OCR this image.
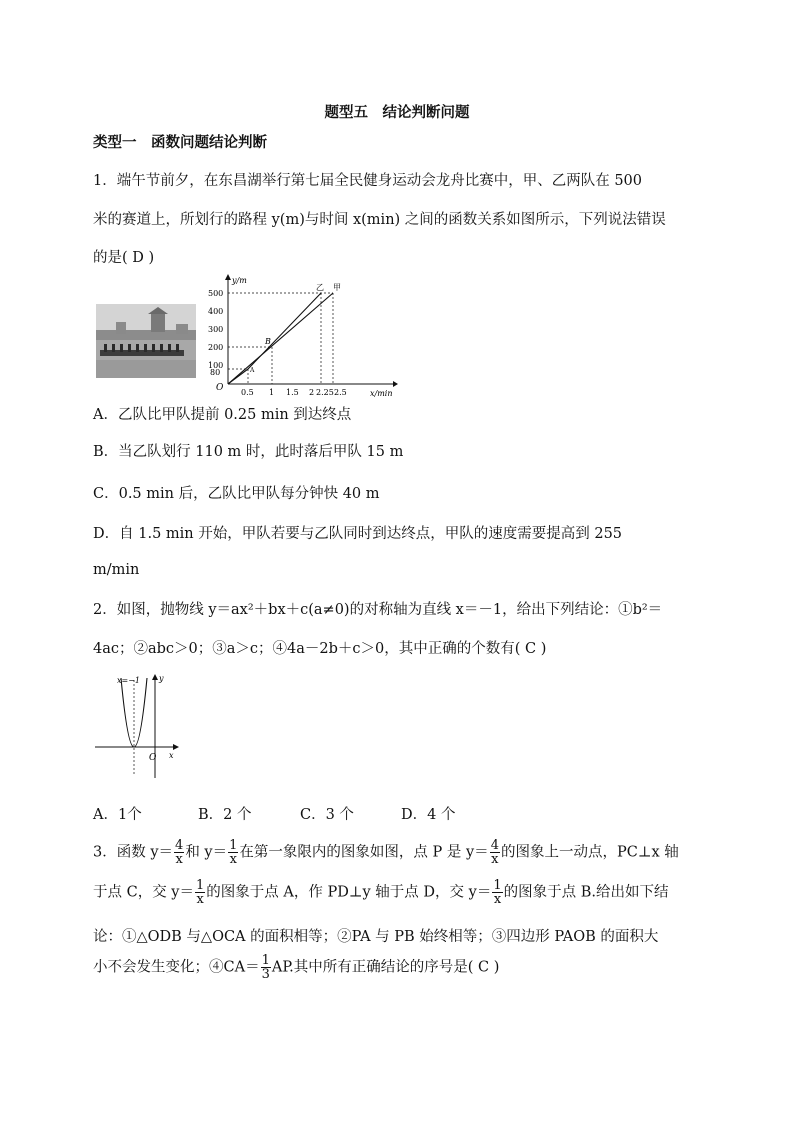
题型五　结论判断问题
类型一　函数问题结论判断
1．端午节前夕，在东昌湖举行第七届全民健身运动会龙舟比赛中，甲、乙两队在 500
米的赛道上，所划行的路程 y(m)与时间 x(min) 之间的函数关系如图所示，下列说法错误
的是( D )
y/m
x/min
O
500
400
300
200
100
80
0.5 1 1.5 2 2.25 2.5
乙 甲
A
B
A．乙队比甲队提前 0.25 min 到达终点
B．当乙队划行 110 m 时，此时落后甲队 15 m
C．0.5 min 后，乙队比甲队每分钟快 40 m
D．自 1.5 min 开始，甲队若要与乙队同时到达终点，甲队的速度需要提高到 255
m/min
2．如图，抛物线 y＝ax²＋bx＋c(a≠0)的对称轴为直线 x＝－1，给出下列结论：①b²＝
4ac；②abc＞0；③a＞c；④4a－2b＋c＞0，其中正确的个数有( C )
x=−1 y
x
O
A．1个	B．2 个	C．3 个	D．4 个
3．函数 $y= \frac{4}{x}$ 和 $y= \frac{1}{x}$ 在第一象限内的图象如图，点 P 是 $y= \frac{4}{x}$ 的图象上一动点，PC⊥x 轴
于点 C，交 $y= \frac{1}{x}$ 的图象于点 A，作 PD⊥y 轴于点 D，交 $y= \frac{1}{x}$ 的图象于点 B.给出如下结
论：①△ODB 与△OCA 的面积相等；②PA 与 PB 始终相等；③四边形 PAOB 的面积大
小不会发生变化；④CA＝ $\frac{1}{3}$ AP.其中所有正确结论的序号是( C )
